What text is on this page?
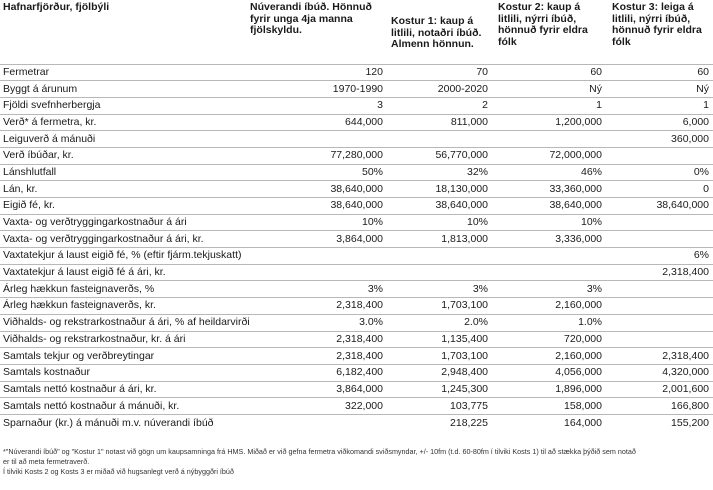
Hafnarfjörður, fjölbýli	Núverandi íbúð. Hönnuð fyrir unga 4ja manna fjölskyldu.	Kostur 1: kaup á litlili, notaðri íbúð. Almenn hönnun.	Kostur 2: kaup á litlili, nýrri íbúð, hönnuð fyrir eldra fólk	Kostur 3: leiga á litlili, nýrri íbúð, hönnuð fyrir eldra fólk
Fermetrar	120	70	60	60
Byggt á árunum	1970-1990	2000-2020	Ný	Ný
Fjöldi svefnherbergja	3	2	1	1
Verð* á fermetra, kr.	644,000	811,000	1,200,000	6,000
Leiguverð á mánuði				360,000
Verð íbúðar, kr.	77,280,000	56,770,000	72,000,000	
Lánshlutfall	50%	32%	46%	0%
Lán, kr.	38,640,000	18,130,000	33,360,000	0
Eigið fé, kr.	38,640,000	38,640,000	38,640,000	38,640,000
Vaxta- og verðtryggingarkostnaður á ári	10%	10%	10%	
Vaxta- og verðtryggingarkostnaður á ári, kr.	3,864,000	1,813,000	3,336,000	
Vaxtatekjur á laust eigið fé, % (eftir fjárm.tekjuskatt)				6%
Vaxtatekjur á laust eigið fé á ári, kr.				2,318,400
Árleg hækkun fasteignaverðs, %	3%	3%	3%	
Árleg hækkun fasteignaverðs, kr.	2,318,400	1,703,100	2,160,000	
Viðhalds- og rekstrarkostnaður á ári, % af heildarvirði	3.0%	2.0%	1.0%	
Viðhalds- og rekstrarkostnaður, kr. á ári	2,318,400	1,135,400	720,000	
Samtals tekjur og verðbreytingar	2,318,400	1,703,100	2,160,000	2,318,400
Samtals kostnaður	6,182,400	2,948,400	4,056,000	4,320,000
Samtals nettó kostnaður á ári, kr.	3,864,000	1,245,300	1,896,000	2,001,600
Samtals nettó kostnaður á mánuði, kr.	322,000	103,775	158,000	166,800
Sparnaður (kr.) á mánuði m.v. núverandi íbúð		218,225	164,000	155,200
*"Núverandi íbúð" og "Kostur 1" notast við gögn um kaupsamninga frá HMS. Miðað er við gefna fermetra viðkomandi sviðsmyndar, +/- 10fm (t.d. 60-80fm í tilviki Kosts 1) til að stækka þýðið sem notað
er til að meta fermetraverð.
Í tilviki Kosts 2 og Kosts 3 er miðað við hugsanlegt verð á nýbyggðri íbúð
